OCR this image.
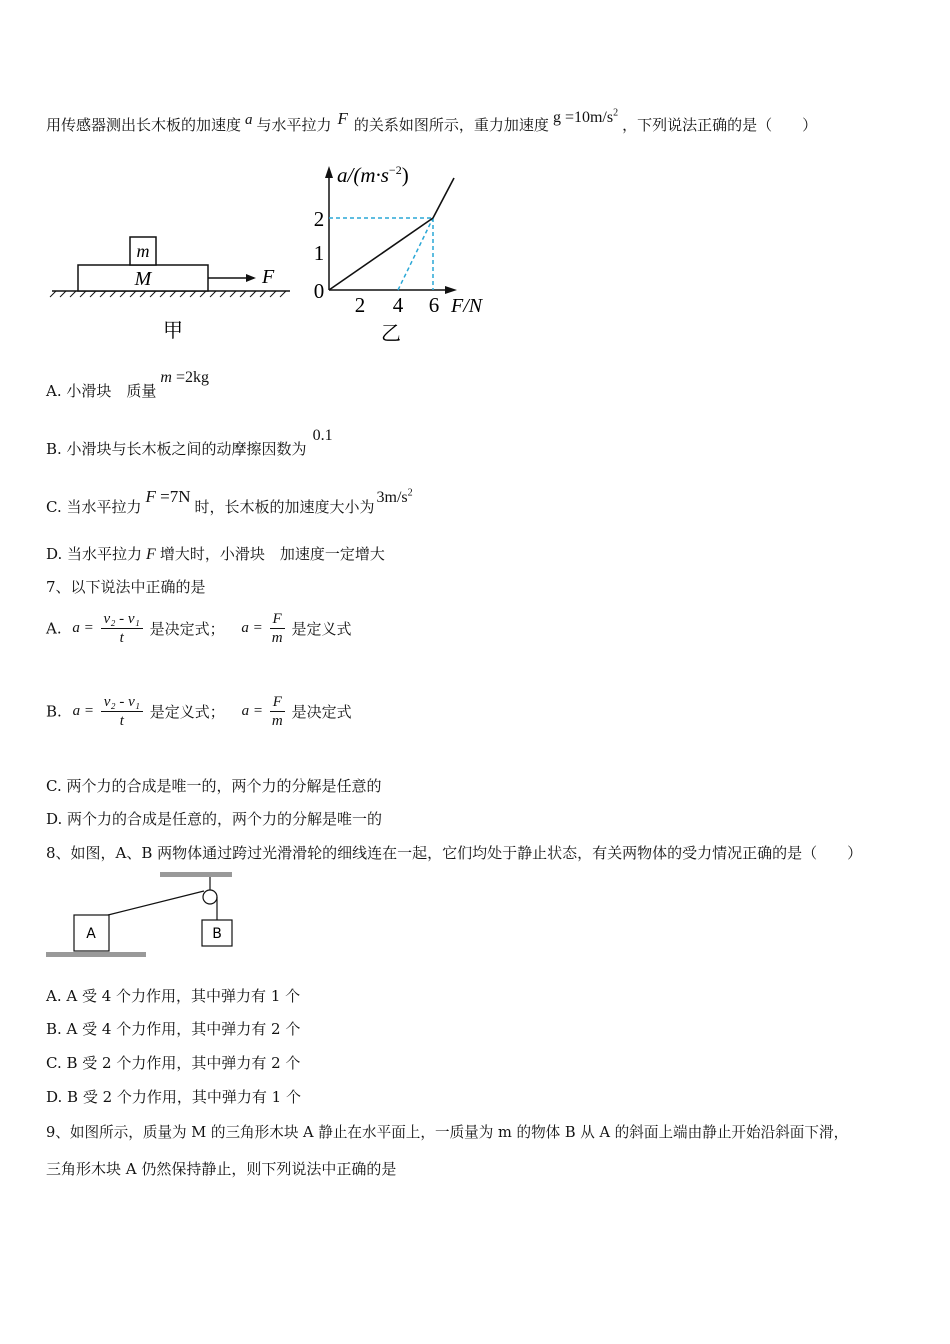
用传感器测出长木板的加速度 a 与水平拉力 F 的关系如图所示，重力加速度 $g =10m/s^2$，下列说法正确的是（　　）
m
M	F
甲
$a/(m\cdot s^{-2})$
F/N
2
1
0
2 4 6
乙
A. 小滑块　质量m =2kg
B. 小滑块与长木板之间的动摩擦因数为0.1
C. 当水平拉力F =7N时，长木板的加速度大小为$3m/s^2$
D. 当水平拉力 F 增大时，小滑块　加速度一定增大
7、以下说法中正确的是
A. $a = \frac{\text{v₂ - v₁}}{t}$ 是决定式； $a = \frac{F}{m}$ 是定义式
B. $a = \frac{\text{v₂ - v₁}}{t}$ 是定义式； $a = \frac{F}{m}$ 是决定式
C. 两个力的合成是唯一的，两个力的分解是任意的
D. 两个力的合成是任意的，两个力的分解是唯一的
8、如图，A、B 两物体通过跨过光滑滑轮的细线连在一起，它们均处于静止状态，有关两物体的受力情况正确的是（　　）
A	B
A. A 受 4 个力作用，其中弹力有 1 个
B. A 受 4 个力作用，其中弹力有 2 个
C. B 受 2 个力作用，其中弹力有 2 个
D. B 受 2 个力作用，其中弹力有 1 个
9、如图所示，质量为 M 的三角形木块 A 静止在水平面上，一质量为 m 的物体 B 从 A 的斜面上端由静止开始沿斜面下滑，
三角形木块 A 仍然保持静止，则下列说法中正确的是
